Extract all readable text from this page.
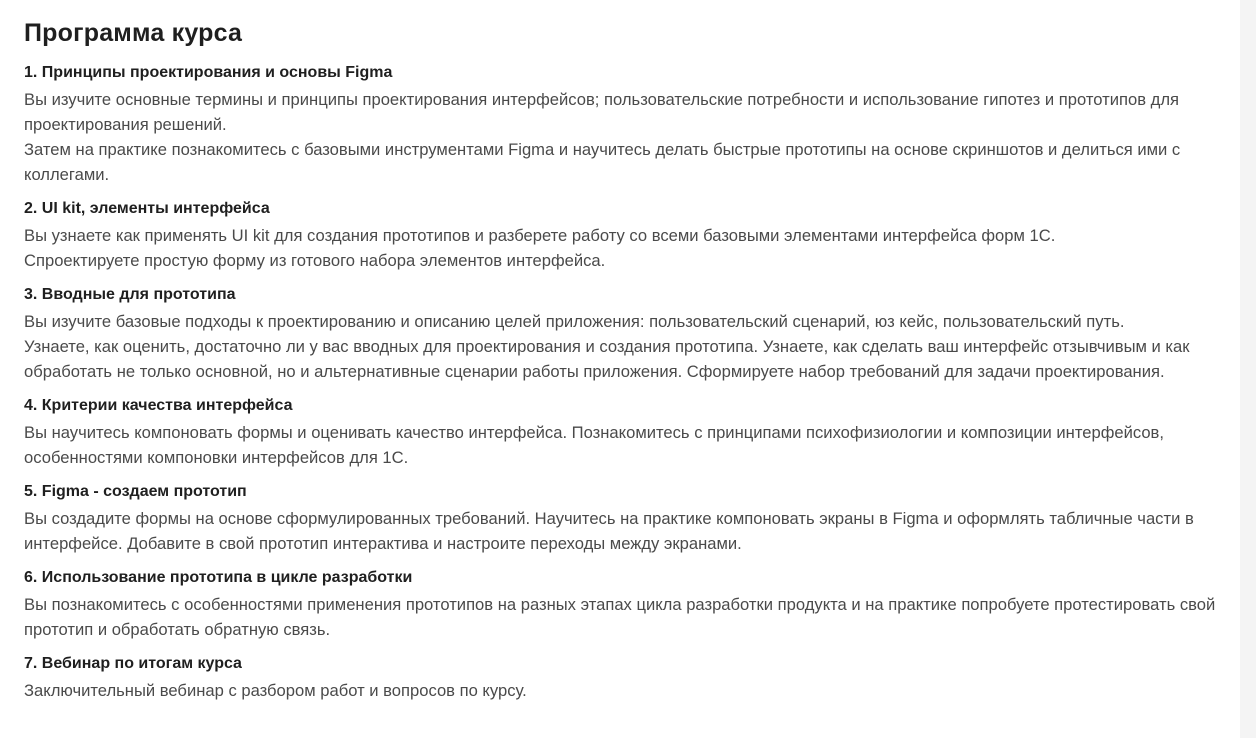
Программа курса
1. Принципы проектирования и основы Figma

Вы изучите основные термины и принципы проектирования интерфейсов; пользовательские потребности и использование гипотез и прототипов для проектирования решений.
Затем на практике познакомитесь с базовыми инструментами Figma и научитесь делать быстрые прототипы на основе скриншотов и делиться ими с коллегами.

2. UI kit, элементы интерфейса

Вы узнаете как применять UI kit для создания прототипов и разберете работу со всеми базовыми элементами интерфейса форм 1С.
Спроектируете простую форму из готового набора элементов интерфейса.

3. Вводные для прототипа

Вы изучите базовые подходы к проектированию и описанию целей приложения: пользовательский сценарий, юз кейс, пользовательский путь.
Узнаете, как оценить, достаточно ли у вас вводных для проектирования и создания прототипа. Узнаете, как сделать ваш интерфейс отзывчивым и как обработать не только основной, но и альтернативные сценарии работы приложения. Сформируете набор требований для задачи проектирования.

4. Критерии качества интерфейса

Вы научитесь компоновать формы и оценивать качество интерфейса. Познакомитесь с принципами психофизиологии и композиции интерфейсов, особенностями компоновки интерфейсов для 1С.

5. Figma - создаем прототип

Вы создадите формы на основе сформулированных требований. Научитесь на практике компоновать экраны в Figma и оформлять табличные части в интерфейсе. Добавите в свой прототип интерактива и настроите переходы между экранами.

6. Использование прототипа в цикле разработки

Вы познакомитесь с особенностями применения прототипов на разных этапах цикла разработки продукта и на практике попробуете протестировать свой прототип и обработать обратную связь.

7. Вебинар по итогам курса

Заключительный вебинар с разбором работ и вопросов по курсу.
